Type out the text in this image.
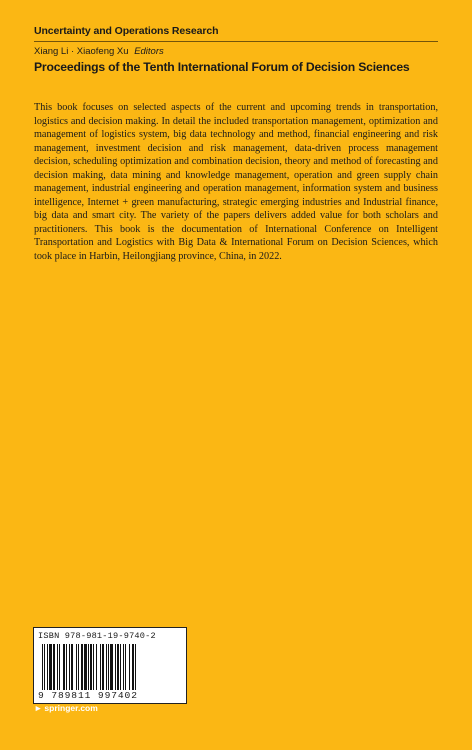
Uncertainty and Operations Research
Xiang Li · Xiaofeng Xu Editors
Proceedings of the Tenth International Forum of Decision Sciences
This book focuses on selected aspects of the current and upcoming trends in transportation, logistics and decision making. In detail the included transportation management, optimization and management of logistics system, big data technology and method, financial engineering and risk management, investment decision and risk management, data-driven process management decision, scheduling optimization and combination decision, theory and method of forecasting and decision making, data mining and knowledge management, operation and green supply chain management, industrial engineering and operation management, information system and business intelligence, Internet + green manufacturing, strategic emerging industries and Industrial finance, big data and smart city. The variety of the papers delivers added value for both scholars and practitioners. This book is the documentation of International Conference on Intelligent Transportation and Logistics with Big Data & International Forum on Decision Sciences, which took place in Harbin, Heilongjiang province, China, in 2022.
ISBN 978-981-19-9740-2
9 789811 997402
► springer.com
